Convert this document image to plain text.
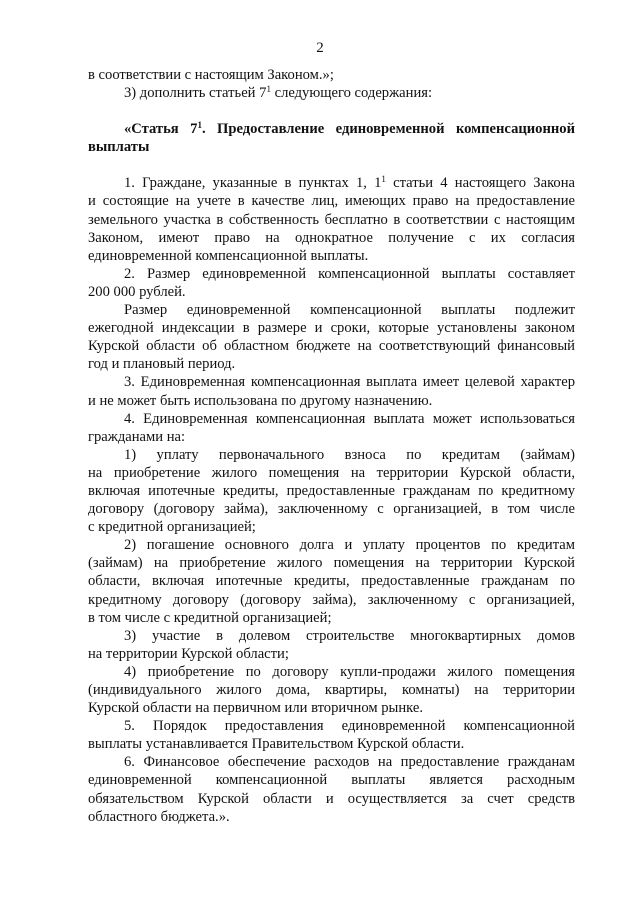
2

в соответствии с настоящим Законом.»;

3) дополнить статьей $7^1$ следующего содержания:

«Статья $7^1$. Предоставление единовременной компенсационной

выплаты

1. Граждане, указанные в пунктах 1, $1^1$ статьи 4 настоящего Закона

и состоящие на учете в качестве лиц, имеющих право на предоставление

земельного участка в собственность бесплатно в соответствии с настоящим

Законом, имеют право на однократное получение с их согласия

единовременной компенсационной выплаты.

2. Размер единовременной компенсационной выплаты составляет

200 000 рублей.

Размер единовременной компенсационной выплаты подлежит

ежегодной индексации в размере и сроки, которые установлены законом

Курской области об областном бюджете на соответствующий финансовый

год и плановый период.

3. Единовременная компенсационная выплата имеет целевой характер

и не может быть использована по другому назначению.

4. Единовременная компенсационная выплата может использоваться

гражданами на:

1) уплату первоначального взноса по кредитам (займам)

на приобретение жилого помещения на территории Курской области,

включая ипотечные кредиты, предоставленные гражданам по кредитному

договору (договору займа), заключенному с организацией, в том числе

с кредитной организацией;

2) погашение основного долга и уплату процентов по кредитам

(займам) на приобретение жилого помещения на территории Курской

области, включая ипотечные кредиты, предоставленные гражданам по

кредитному договору (договору займа), заключенному с организацией,

в том числе с кредитной организацией;

3) участие в долевом строительстве многоквартирных домов

на территории Курской области;

4) приобретение по договору купли-продажи жилого помещения

(индивидуального жилого дома, квартиры, комнаты) на территории

Курской области на первичном или вторичном рынке.

5. Порядок предоставления единовременной компенсационной

выплаты устанавливается Правительством Курской области.

6. Финансовое обеспечение расходов на предоставление гражданам

единовременной компенсационной выплаты является расходным

обязательством Курской области и осуществляется за счет средств

областного бюджета.».
